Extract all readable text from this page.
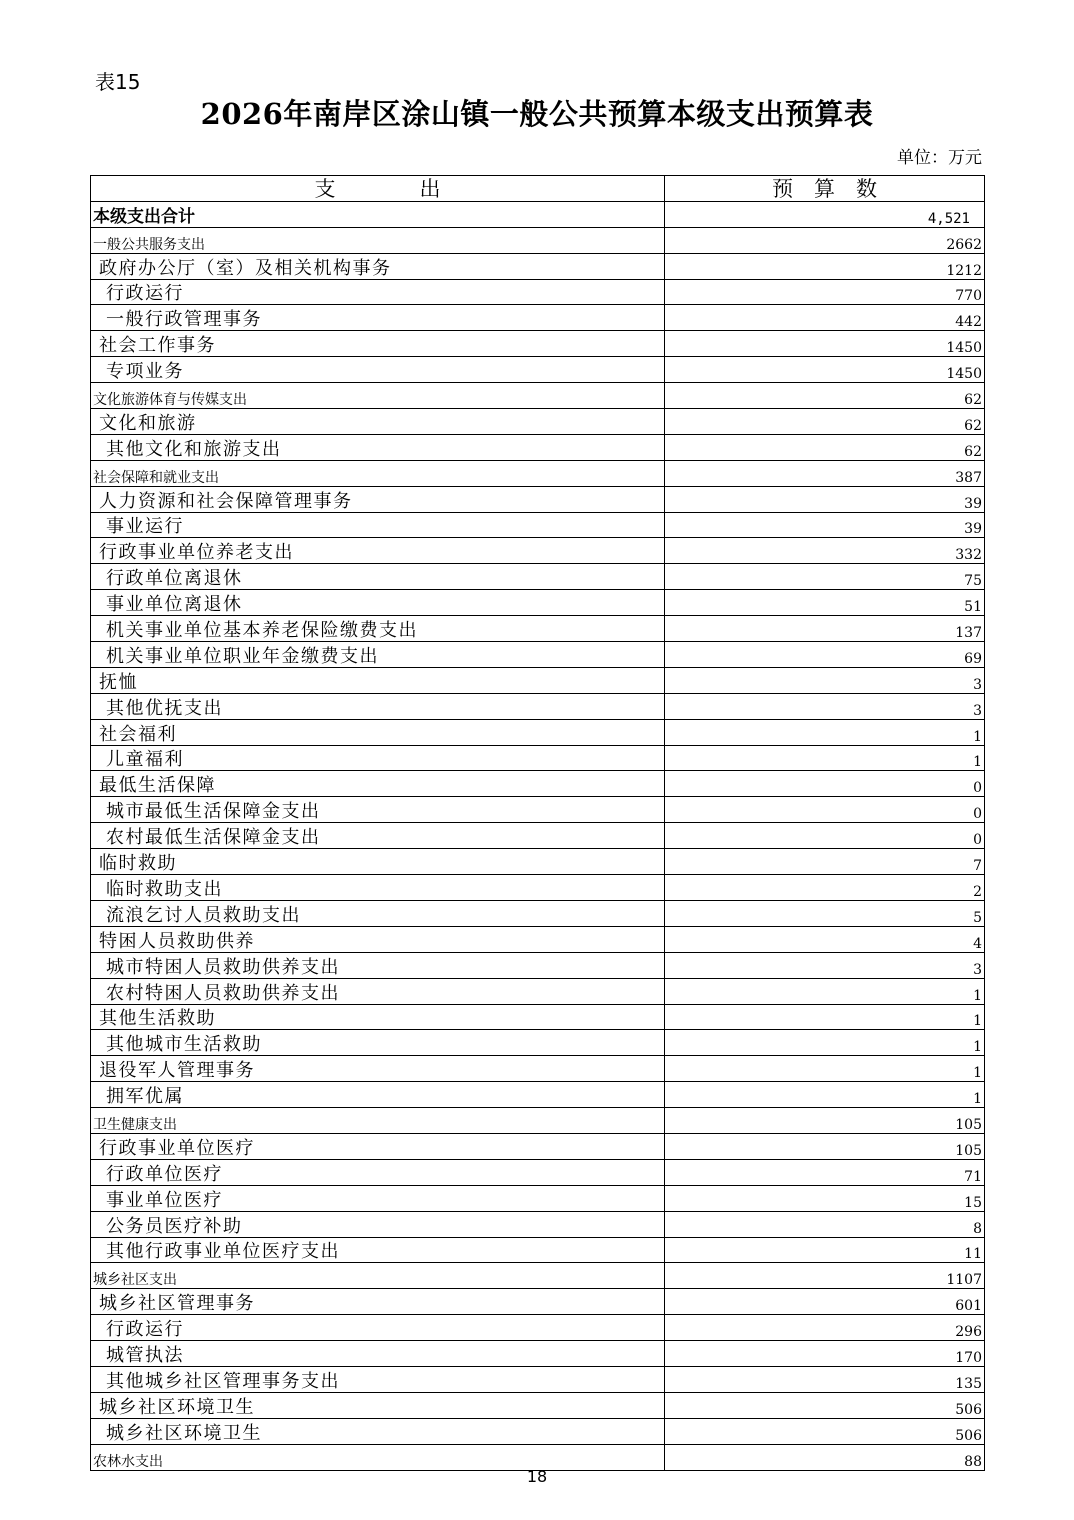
表15
2026年南岸区涂山镇一般公共预算本级支出预算表
单位：万元
支　　　　出	预　算　数
本级支出合计	4,521
一般公共服务支出	2662
政府办公厅（室）及相关机构事务	1212
行政运行	770
一般行政管理事务	442
社会工作事务	1450
专项业务	1450
文化旅游体育与传媒支出	62
文化和旅游	62
其他文化和旅游支出	62
社会保障和就业支出	387
人力资源和社会保障管理事务	39
事业运行	39
行政事业单位养老支出	332
行政单位离退休	75
事业单位离退休	51
机关事业单位基本养老保险缴费支出	137
机关事业单位职业年金缴费支出	69
抚恤	3
其他优抚支出	3
社会福利	1
儿童福利	1
最低生活保障	0
城市最低生活保障金支出	0
农村最低生活保障金支出	0
临时救助	7
临时救助支出	2
流浪乞讨人员救助支出	5
特困人员救助供养	4
城市特困人员救助供养支出	3
农村特困人员救助供养支出	1
其他生活救助	1
其他城市生活救助	1
退役军人管理事务	1
拥军优属	1
卫生健康支出	105
行政事业单位医疗	105
行政单位医疗	71
事业单位医疗	15
公务员医疗补助	8
其他行政事业单位医疗支出	11
城乡社区支出	1107
城乡社区管理事务	601
行政运行	296
城管执法	170
其他城乡社区管理事务支出	135
城乡社区环境卫生	506
城乡社区环境卫生	506
农林水支出	88
18
